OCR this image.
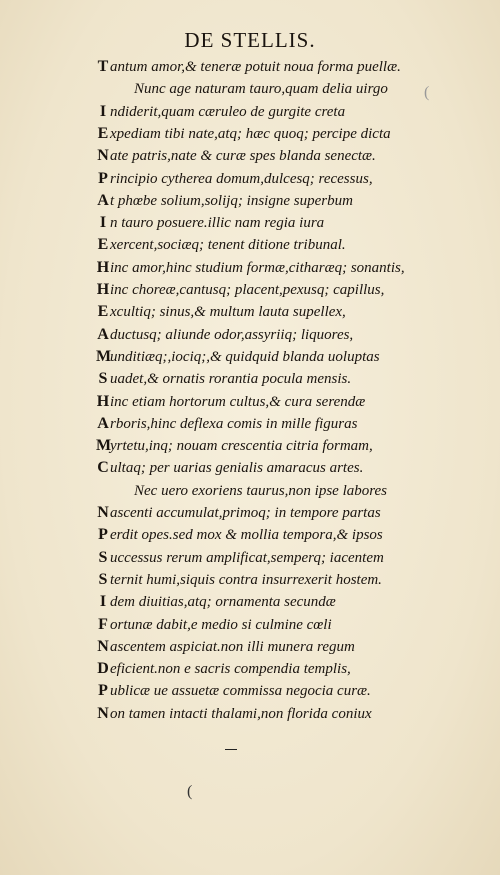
DE STELLIS.
(
T antum amor,& teneræ potuit noua forma puellæ.
Nunc age naturam tauro,quam delia uirgo
I ndiderit,quam cæruleo de gurgite creta
E xpediam tibi nate,atq; hæc quoq; percipe dicta
Nate patris,nate & curæ spes blanda senectæ.
P rincipio cytherea domum,dulcesq; recessus,
At phœbe solium,solijq; insigne superbum
I n tauro posuere.illic nam regia iura
E xercent,sociæq; tenent ditione tribunal.
Hinc amor,hinc studium formæ,citharæq; sonantis,
Hinc choreæ,cantusq; placent,pexusq; capillus,
E xcultiq; sinus,& multum lauta supellex,
Aductusq; aliunde odor,assyriiq; liquores,
Munditiæq;,iociq;,& quidquid blanda uoluptas
S uadet,& ornatis rorantia pocula mensis.
Hinc etiam hortorum cultus,& cura serendæ
Arboris,hinc deflexa comis in mille figuras
Myrtetu,inq; nouam crescentia citria formam,
Cultaq; per uarias genialis amaracus artes.
Nec uero exoriens taurus,non ipse labores
Nascenti accumulat,primoq; in tempore partas
P erdit opes.sed mox & mollia tempora,& ipsos
S uccessus rerum amplificat,semperq; iacentem
S ternit humi,siquis contra insurrexerit hostem.
I dem diuitias,atq; ornamenta secundæ
F ortunæ dabit,e medio si culmine cœli
Nascentem aspiciat.non illi munera regum
Deficient.non e sacris compendia templis,
P ublicæ ue assuetæ commissa negocia curæ.
Non tamen intacti thalami,non florida coniux
(
